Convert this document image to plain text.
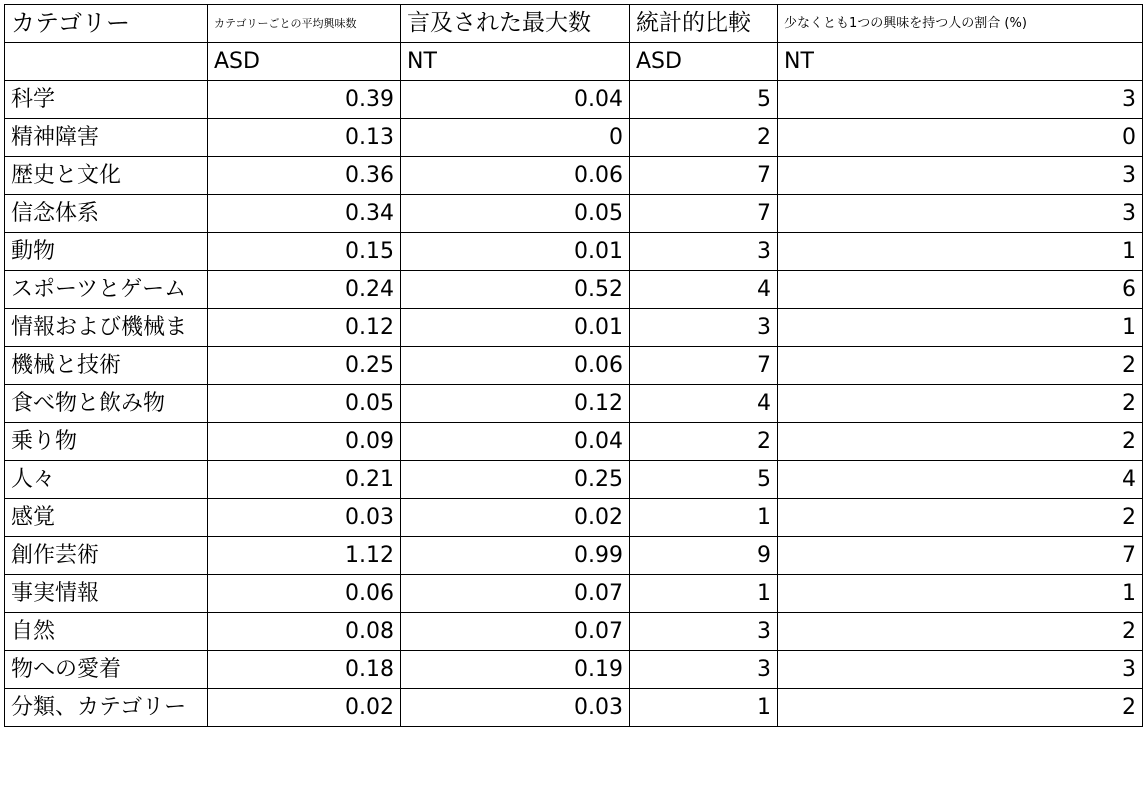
カテゴリー	カテゴリーごとの平均興味数	言及された最大数	統計的比較	少なくとも1つの興味を持つ人の割合 (%)
	ASD	NT	ASD	NT
科学	0.39	0.04	5	3
精神障害	0.13	0	2	0
歴史と文化	0.36	0.06	7	3
信念体系	0.34	0.05	7	3
動物	0.15	0.01	3	1
スポーツとゲーム	0.24	0.52	4	6
情報および機械ま	0.12	0.01	3	1
機械と技術	0.25	0.06	7	2
食べ物と飲み物	0.05	0.12	4	2
乗り物	0.09	0.04	2	2
人々	0.21	0.25	5	4
感覚	0.03	0.02	1	2
創作芸術	1.12	0.99	9	7
事実情報	0.06	0.07	1	1
自然	0.08	0.07	3	2
物への愛着	0.18	0.19	3	3
分類、カテゴリー	0.02	0.03	1	2
